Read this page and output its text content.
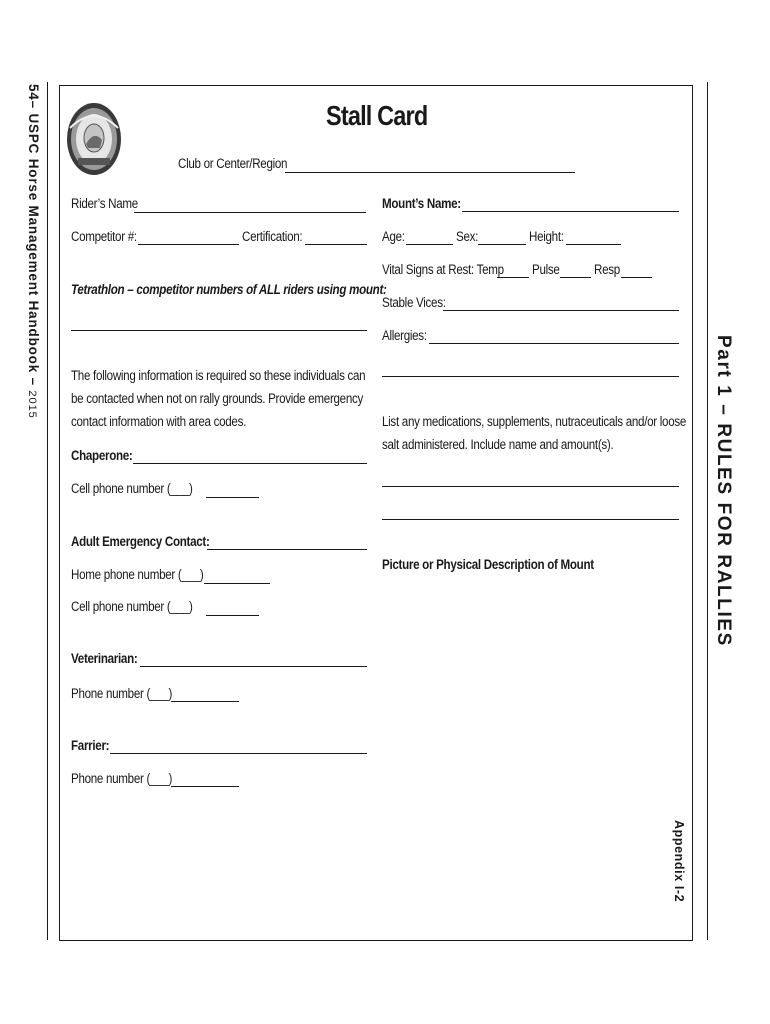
54– USPC Horse Management Handbook – 2015	Part 1 – RULES FOR RALLIES
Appendix I-2
Stall Card
Club or Center/Region
Rider’s Name
Competitor #:	Certification:
Tetrathlon – competitor numbers of ALL riders using mount:
The following information is required so these individuals can
be contacted when not on rally grounds. Provide emergency
contact information with area codes.
Chaperone:
Cell phone number (___)
Adult Emergency Contact:
Home phone number (___)
Cell phone number (___)
Veterinarian:
Phone number (___)
Farrier:
Phone number (___)
Mount’s Name:
Age:	Sex:	Height:
Vital Signs at Rest: Temp Pulse	Resp
Stable Vices:
Allergies:
List any medications, supplements, nutraceuticals and/or loose
salt administered. Include name and amount(s).
Picture or Physical Description of Mount
